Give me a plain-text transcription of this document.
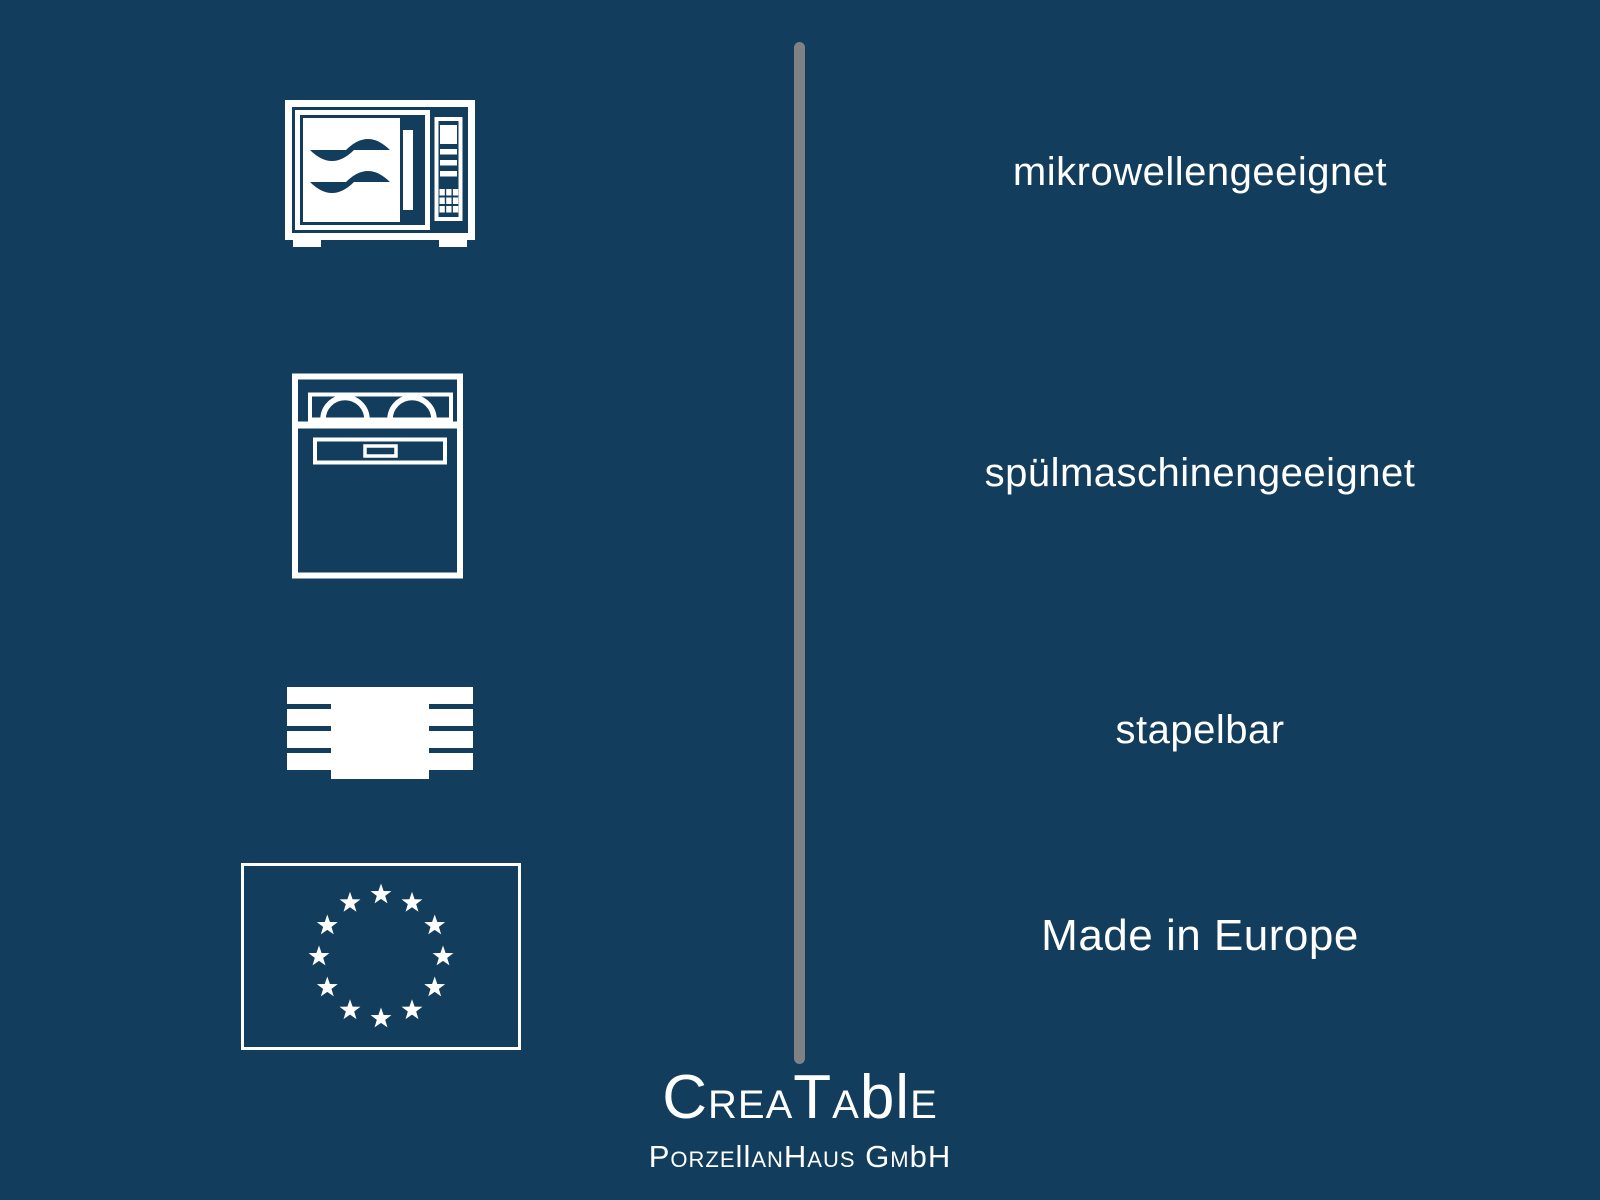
mikrowellengeeignet
spülmaschinengeeignet
stapelbar
Made in Europe
CREATAblE
PORZEllANHAUS GMbH
